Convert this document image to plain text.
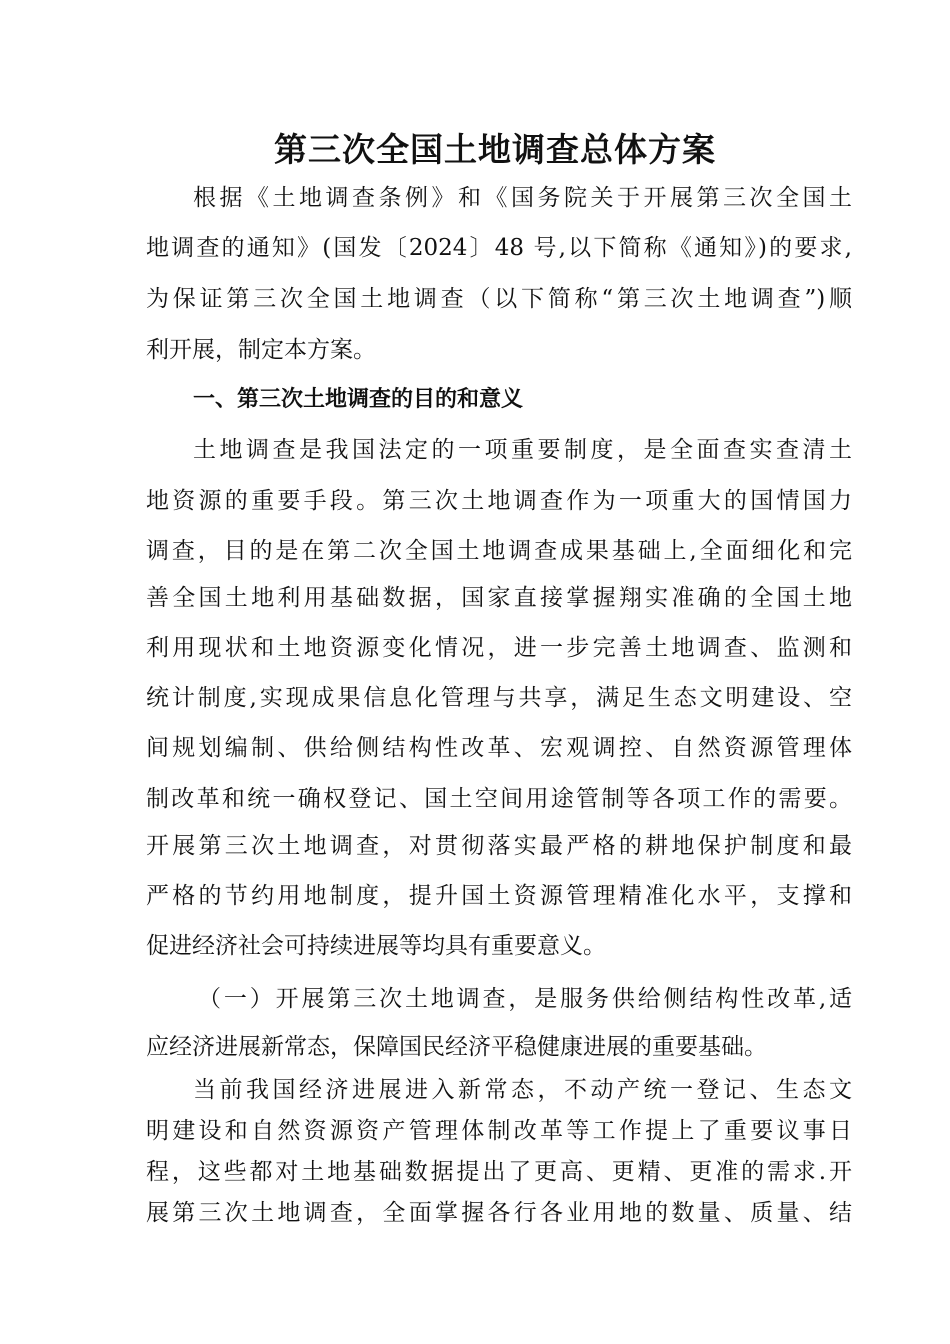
第三次全国土地调查总体方案
根据《土地调查条例》和《国务院关于开展第三次全国土
地调查的通知》(国发〔2024〕48 号,以下简称《通知》)的要求,
为保证第三次全国土地调查（以下简称“第三次土地调查”)顺
利开展，制定本方案。
一、第三次土地调查的目的和意义
土地调查是我国法定的一项重要制度，是全面查实查清土
地资源的重要手段。第三次土地调查作为一项重大的国情国力
调查，目的是在第二次全国土地调查成果基础上,全面细化和完
善全国土地利用基础数据，国家直接掌握翔实准确的全国土地
利用现状和土地资源变化情况，进一步完善土地调查、监测和
统计制度,实现成果信息化管理与共享，满足生态文明建设、空
间规划编制、供给侧结构性改革、宏观调控、自然资源管理体
制改革和统一确权登记、国土空间用途管制等各项工作的需要。
开展第三次土地调查，对贯彻落实最严格的耕地保护制度和最
严格的节约用地制度，提升国土资源管理精准化水平，支撑和
促进经济社会可持续进展等均具有重要意义。
（一）开展第三次土地调查，是服务供给侧结构性改革,适
应经济进展新常态，保障国民经济平稳健康进展的重要基础。
当前我国经济进展进入新常态，不动产统一登记、生态文
明建设和自然资源资产管理体制改革等工作提上了重要议事日
程，这些都对土地基础数据提出了更高、更精、更准的需求.开
展第三次土地调查，全面掌握各行各业用地的数量、质量、结
